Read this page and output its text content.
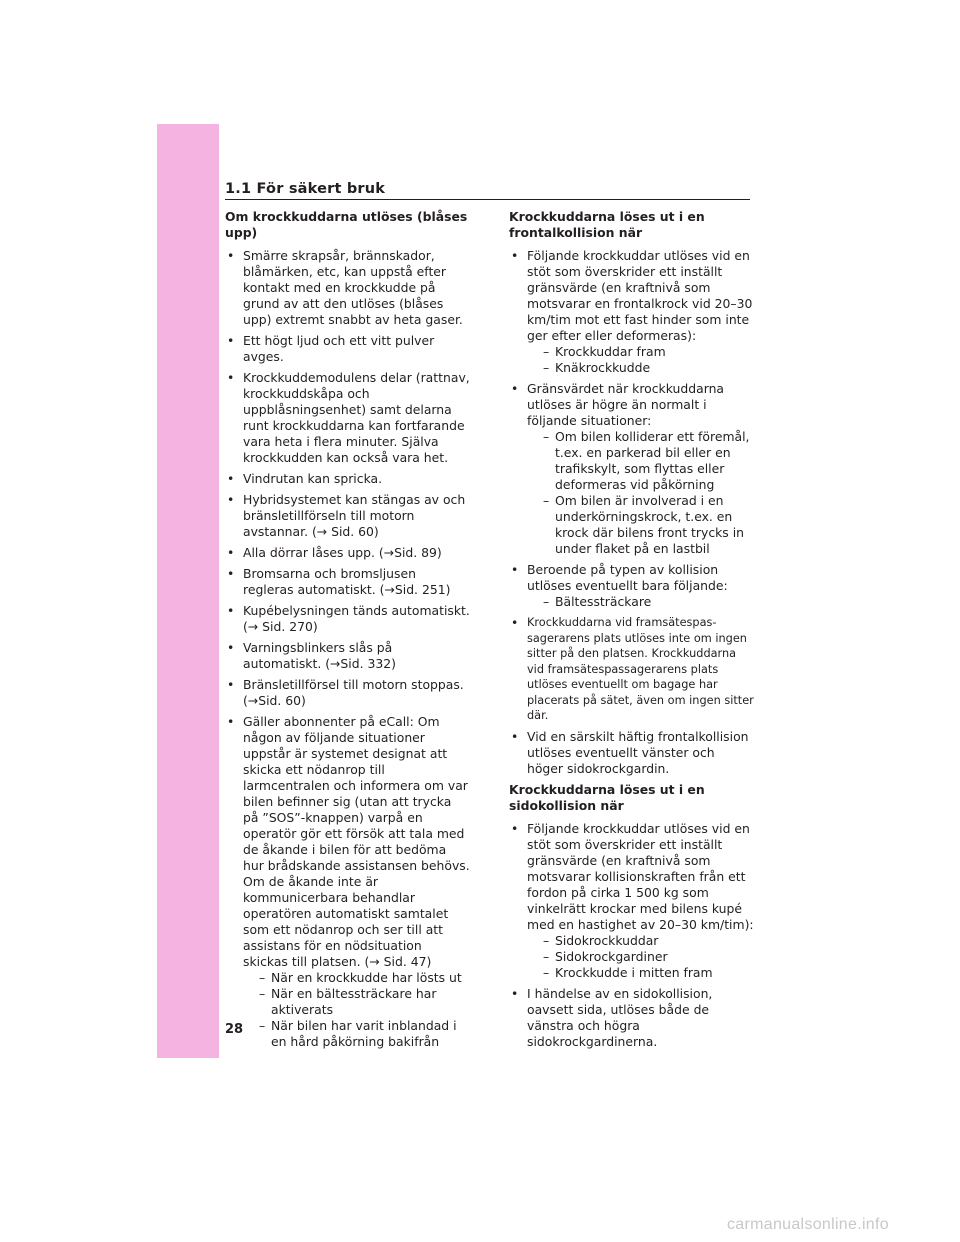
1.1 För säkert bruk
Om krockkuddarna utlöses (blåses upp)
• Smärre skrapsår, brännskador, blåmärken, etc, kan uppstå efter kontakt med en krockkudde på grund av att den utlöses (blåses upp) extremt snabbt av heta gaser.
• Ett högt ljud och ett vitt pulver avges.
• Krockkuddemodulens delar (rattnav, krockkuddskåpa och uppblåsningsenhet) samt delarna runt krockkuddarna kan fortfarande vara heta i flera minuter. Själva krockkudden kan också vara het.
• Vindrutan kan spricka.
• Hybridsystemet kan stängas av och bränsletillförseln till motorn avstannar. (→ Sid. 60)
• Alla dörrar låses upp. (→Sid. 89)
• Bromsarna och bromsljusen regleras automatiskt. (→Sid. 251)
• Kupébelysningen tänds automatiskt. (→ Sid. 270)
• Varningsblinkers slås på automatiskt. (→Sid. 332)
• Bränsletillförsel till motorn stoppas. (→Sid. 60)
• Gäller abonnenter på eCall: Om någon av följande situationer uppstår är systemet designat att skicka ett nödanrop till larmcentralen och informera om var bilen befinner sig (utan att trycka på ”SOS”-knappen) varpå en operatör gör ett försök att tala med de åkande i bilen för att bedöma hur brådskande assistansen behövs. Om de åkande inte är kommunicerbara behandlar operatören automatiskt samtalet som ett nödanrop och ser till att assistans för en nödsituation skickas till platsen. (→ Sid. 47)
– När en krockkudde har lösts ut
– När en bältessträckare har aktiverats
– När bilen har varit inblandad i en hård påkörning bakifrån
Krockkuddarna löses ut i en frontalkollision när
• Följande krockkuddar utlöses vid en stöt som överskrider ett inställt gränsvärde (en kraftnivå som motsvarar en frontalkrock vid 20–30 km/tim mot ett fast hinder som inte ger efter eller deformeras):
– Krockkuddar fram
– Knäkrockkudde
• Gränsvärdet när krockkuddarna utlöses är högre än normalt i följande situationer:
– Om bilen kolliderar ett föremål, t.ex. en parkerad bil eller en trafikskylt, som flyttas eller deformeras vid påkörning
– Om bilen är involverad i en underkörningskrock, t.ex. en krock där bilens front trycks in under flaket på en lastbil
• Beroende på typen av kollision utlöses eventuellt bara följande:
– Bältessträckare
• Krockkuddarna vid framsätespas-sagerarens plats utlöses inte om ingen sitter på den platsen. Krockkuddarna vid framsätespassagerarens plats utlöses eventuellt om bagage har placerats på sätet, även om ingen sitter där.
• Vid en särskilt häftig frontalkollision utlöses eventuellt vänster och höger sidokrockgardin.
Krockkuddarna löses ut i en sidokollision när
• Följande krockkuddar utlöses vid en stöt som överskrider ett inställt gränsvärde (en kraftnivå som motsvarar kollisionskraften från ett fordon på cirka 1 500 kg som vinkelrätt krockar med bilens kupé med en hastighet av 20–30 km/tim):
– Sidokrockkuddar
– Sidokrockgardiner
– Krockkudde i mitten fram
• I händelse av en sidokollision, oavsett sida, utlöses både de vänstra och högra sidokrockgardinerna.
28
carmanualsonline.info
